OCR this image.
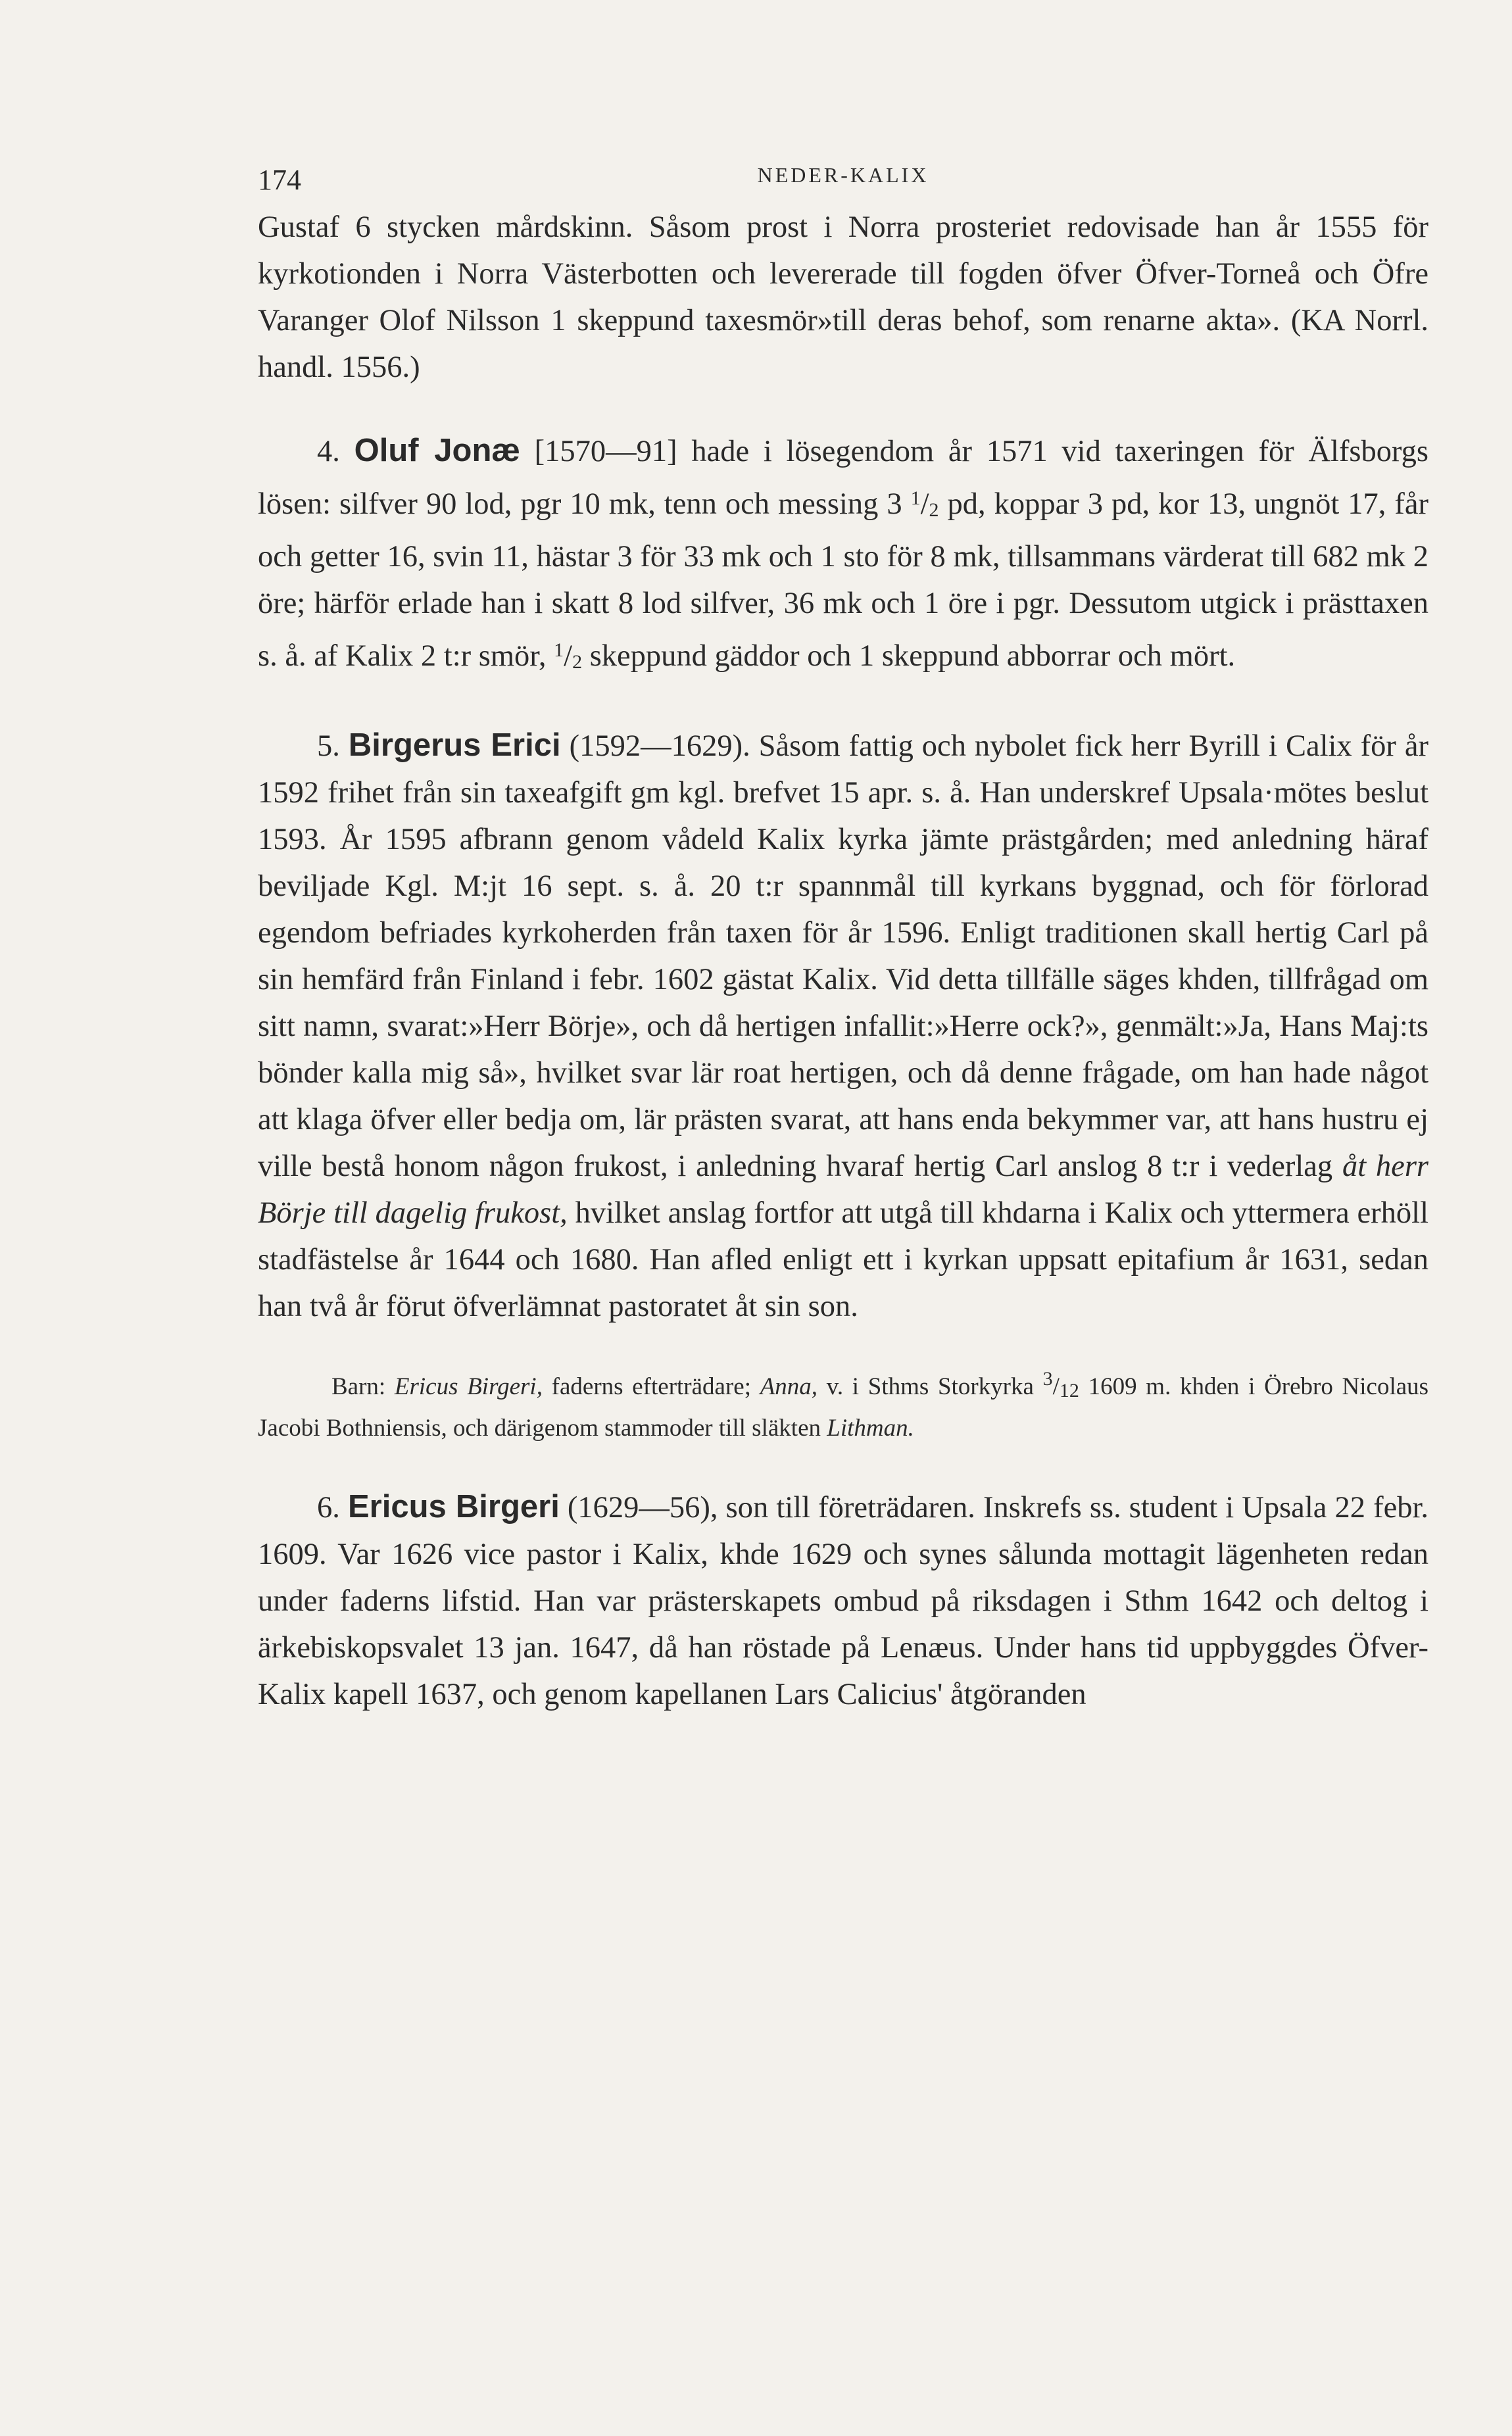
174	NEDER-KALIX

Gustaf 6 stycken mårdskinn. Såsom prost i Norra prosteriet redovisade han år 1555 för kyrkotionden i Norra Västerbotten och levererade till fogden öfver Öfver-Torneå och Öfre Varanger Olof Nilsson 1 skeppund taxesmör»till deras behof, som renarne akta». (KA Norrl. handl. 1556.)

4. Oluf Jonæ [1570—91] hade i lösegendom år 1571 vid taxeringen för Älfsborgs lösen: silfver 90 lod, pgr 10 mk, tenn och messing 3 $^1$/2 pd, koppar 3 pd, kor 13, ungnöt 17, får och getter 16, svin 11, hästar 3 för 33 mk och 1 sto för 8 mk, tillsammans värderat till 682 mk 2 öre; härför erlade han i skatt 8 lod silfver, 36 mk och 1 öre i pgr. Dessutom utgick i prästtaxen s. å. af Kalix 2 t:r smör, $^1$/2 skeppund gäddor och 1 skeppund abborrar och mört.

5. Birgerus Erici (1592—1629). Såsom fattig och nybolet fick herr Byrill i Calix för år 1592 frihet från sin taxeafgift gm kgl. brefvet 15 apr. s. å. Han underskref Upsala·mötes beslut 1593. År 1595 afbrann genom vådeld Kalix kyrka jämte prästgården; med anledning häraf beviljade Kgl. M:jt 16 sept. s. å. 20 t:r spannmål till kyrkans byggnad, och för förlorad egendom befriades kyrkoherden från taxen för år 1596. Enligt traditionen skall hertig Carl på sin hemfärd från Finland i febr. 1602 gästat Kalix. Vid detta tillfälle säges khden, tillfrågad om sitt namn, svarat:»Herr Börje», och då hertigen infallit:»Herre ock?», genmält:»Ja, Hans Maj:ts bönder kalla mig så», hvilket svar lär roat hertigen, och då denne frågade, om han hade något att klaga öfver eller bedja om, lär prästen svarat, att hans enda bekymmer var, att hans hustru ej ville bestå honom någon frukost, i anledning hvaraf hertig Carl anslog 8 t:r i vederlag åt herr Börje till dagelig frukost, hvilket anslag fortfor att utgå till khdarna i Kalix och yttermera erhöll stadfästelse år 1644 och 1680. Han afled enligt ett i kyrkan uppsatt epitafium år 1631, sedan han två år förut öfverlämnat pastoratet åt sin son.

Barn: Ericus Birgeri, faderns efterträdare; Anna, v. i Sthms Storkyrka $^3$/12 1609 m. khden i Örebro Nicolaus Jacobi Bothniensis, och därigenom stammoder till släkten Lithman.

6. Ericus Birgeri (1629—56), son till företrädaren. Inskrefs ss. student i Upsala 22 febr. 1609. Var 1626 vice pastor i Kalix, khde 1629 och synes sålunda mottagit lägenheten redan under faderns lifstid. Han var prästerskapets ombud på riksdagen i Sthm 1642 och deltog i ärkebiskopsvalet 13 jan. 1647, då han röstade på Lenæus. Under hans tid uppbyggdes Öfver-Kalix kapell 1637, och genom kapellanen Lars Calicius' åtgöranden
